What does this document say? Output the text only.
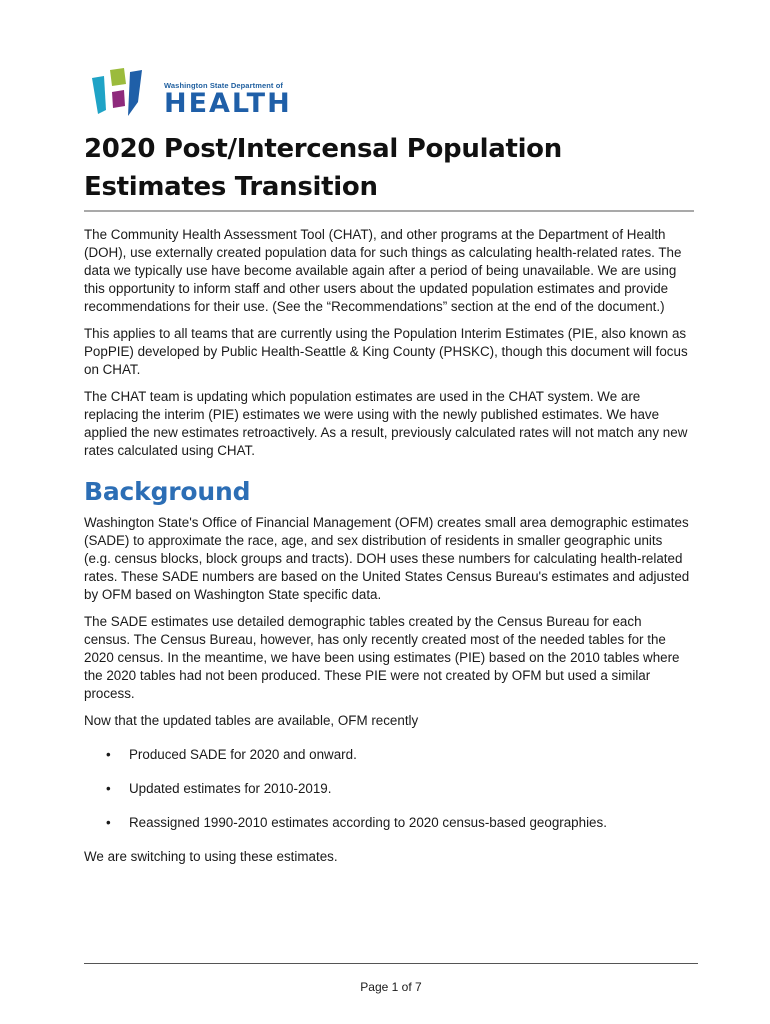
Washington State Department of
HEALTH
2020 Post/Intercensal Population
Estimates Transition

The Community Health Assessment Tool (CHAT), and other programs at the Department of Health (DOH), use externally created population data for such things as calculating health-related rates. The data we typically use have become available again after a period of being unavailable. We are using this opportunity to inform staff and other users about the updated population estimates and provide recommendations for their use. (See the “Recommendations” section at the end of the document.)

This applies to all teams that are currently using the Population Interim Estimates (PIE, also known as PopPIE) developed by Public Health-Seattle & King County (PHSKC), though this document will focus on CHAT.

The CHAT team is updating which population estimates are used in the CHAT system. We are replacing the interim (PIE) estimates we were using with the newly published estimates. We have applied the new estimates retroactively. As a result, previously calculated rates will not match any new rates calculated using CHAT.

Background

Washington State's Office of Financial Management (OFM) creates small area demographic estimates (SADE) to approximate the race, age, and sex distribution of residents in smaller geographic units (e.g. census blocks, block groups and tracts). DOH uses these numbers for calculating health-related rates. These SADE numbers are based on the United States Census Bureau's estimates and adjusted by OFM based on Washington State specific data.

The SADE estimates use detailed demographic tables created by the Census Bureau for each census. The Census Bureau, however, has only recently created most of the needed tables for the 2020 census. In the meantime, we have been using estimates (PIE) based on the 2010 tables where the 2020 tables had not been produced. These PIE were not created by OFM but used a similar process.

Now that the updated tables are available, OFM recently

• Produced SADE for 2020 and onward.
• Updated estimates for 2010-2019.
• Reassigned 1990-2010 estimates according to 2020 census-based geographies.

We are switching to using these estimates.

Page 1 of 7
